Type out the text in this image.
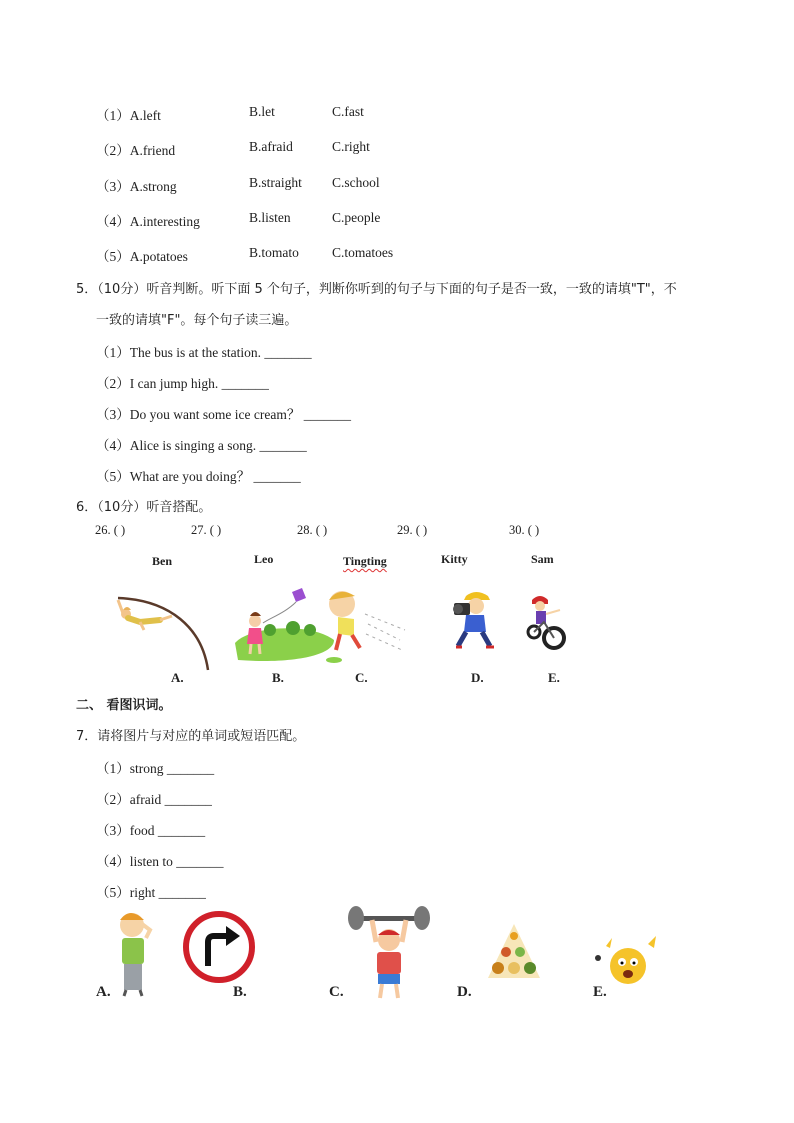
（1）A.left	B.let	C.fast
（2）A.friend	B.afraid	C.right
（3）A.strong	B.straight C.school
（4）A.interesting	B.listen	C.people
（5）A.potatoes	B.tomato C.tomatoes
5．（10分）听音判断。听下面 5 个句子，判断你听到的句子与下面的句子是否一致，一致的请填"T"，不
一致的请填"F"。每个句子读三遍。
（1）The bus is at the station. _______
（2）I can jump high. _______
（3）Do you want some ice cream？ _______
（4）Alice is singing a song. _______
（5）What are you doing？ _______
6．（10分）听音搭配。
26. ( )	27. ( )	28. ( )	29. ( )	30. ( )
Ben	Leo	Tingting	Kitty	Sam
A.	B.	C.	D.	E.
二、 看图识词。
7．请将图片与对应的单词或短语匹配。
（1）strong _______
（2）afraid _______
（3）food _______
（4）listen to _______
（5）right _______
A.	B.	C.	D.	E.
